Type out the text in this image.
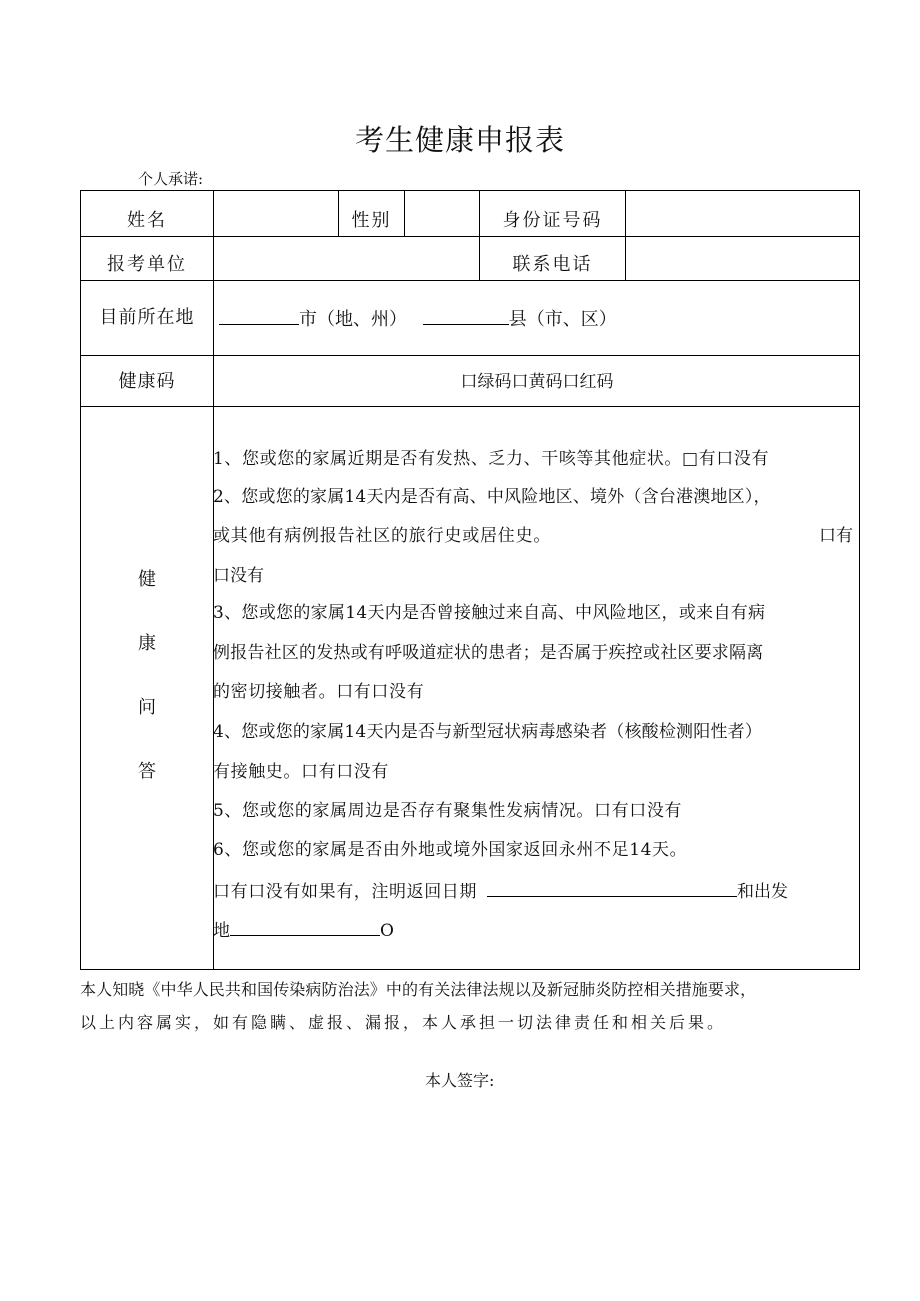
考生健康申报表
个人承诺:
姓名	性别	身份证号码
报考单位	联系电话
目前所在地	市（地、州）	县（市、区）
健康码	口绿码口黄码口红码
健
康
问
答
1、您或您的家属近期是否有发热、乏力、干咳等其他症状。□有口没有
2、您或您的家属14天内是否有高、中风险地区、境外（含台港澳地区），
或其他有病例报告社区的旅行史或居住史。	口有
口没有
3、您或您的家属14天内是否曾接触过来自高、中风险地区，或来自有病
例报告社区的发热或有呼吸道症状的患者；是否属于疾控或社区要求隔离
的密切接触者。口有口没有
4、您或您的家属14天内是否与新型冠状病毒感染者（核酸检测阳性者）
有接触史。口有口没有
5、您或您的家属周边是否存有聚集性发病情况。口有口没有
6、您或您的家属是否由外地或境外国家返回永州不足14天。
口有口没有如果有，注明返回日期	和出发
地	O
本人知晓《中华人民共和国传染病防治法》中的有关法律法规以及新冠肺炎防控相关措施要求，
以上内容属实，如有隐瞒、虚报、漏报，本人承担一切法律责任和相关后果。
本人签字:
